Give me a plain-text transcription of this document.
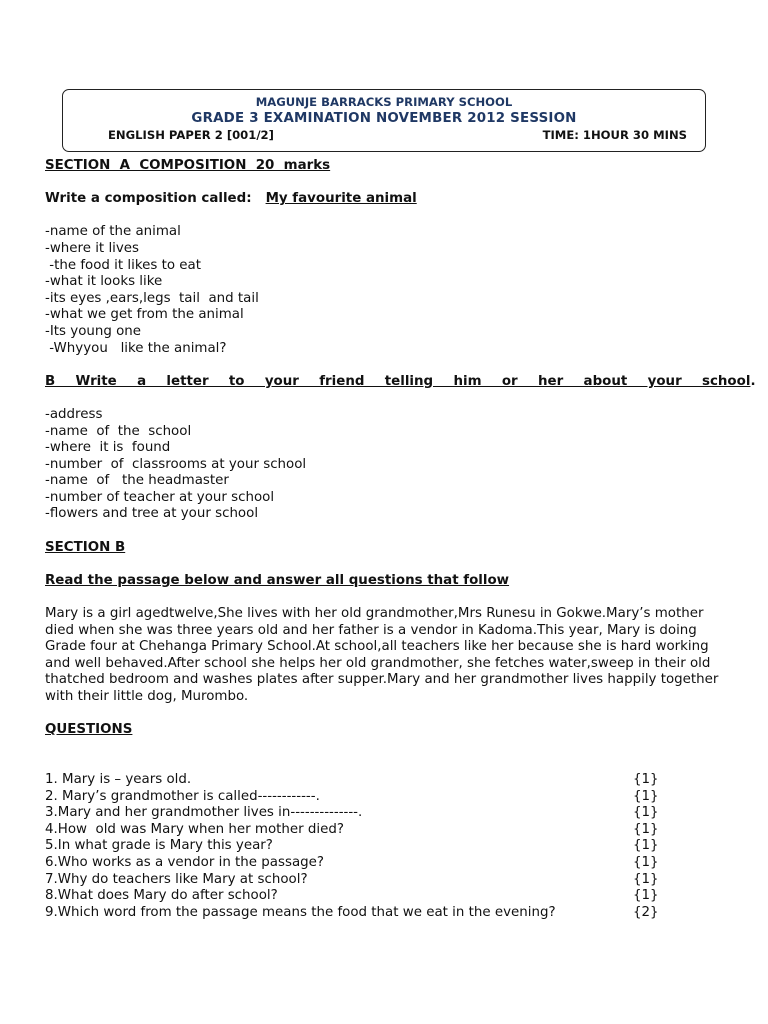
MAGUNJE BARRACKS PRIMARY SCHOOL
GRADE 3 EXAMINATION NOVEMBER 2012 SESSION
ENGLISH PAPER 2 [001/2]	TIME: 1HOUR 30 MINS
SECTION  A  COMPOSITION  20  marks
Write a composition called: My favourite animal
-name of the animal
-where it lives
-the food it likes to eat
-what it looks like
-its eyes ,ears,legs  tail  and tail
-what we get from the animal
-Its young one
-Whyyou   like the animal?
B  Write  a  letter  to  your  friend  telling  him  or  her  about  your  school.
-address
-name  of  the  school
-where  it is  found
-number  of  classrooms at your school
-name  of   the headmaster
-number of teacher at your school
-flowers and tree at your school
SECTION B
Read the passage below and answer all questions that follow
Mary is a girl agedtwelve,She lives with her old grandmother,Mrs Runesu in Gokwe.Mary’s mother died when she was three years old and her father is a vendor in Kadoma.This year, Mary is doing Grade four at Chehanga Primary School.At school,all teachers like her because she is hard working and well behaved.After school she helps her old grandmother, she fetches water,sweep in their old thatched bedroom and washes plates after supper.Mary and her grandmother lives happily together with their little dog, Murombo.
QUESTIONS
1. Mary is – years old.	{1}
2. Mary’s grandmother is called------------.	{1}
3.Mary and her grandmother lives in--------------.	{1}
4.How  old was Mary when her mother died?	{1}
5.In what grade is Mary this year?	{1}
6.Who works as a vendor in the passage?	{1}
7.Why do teachers like Mary at school?	{1}
8.What does Mary do after school?	{1}
9.Which word from the passage means the food that we eat in the evening?	{2}
